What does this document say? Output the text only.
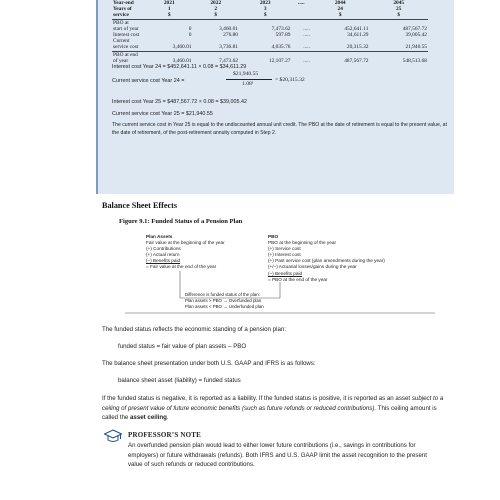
Year-end	2021	2022	2023	.....	2044	2045
Years of	1	2	3		24	25
service	$	$	$		$	$
PBO at						
start of year	0	3,460.01	7,473.62	.....	452,641.11	487,567.72
Interest cost	0	276.80	597.89	.....	34,611.29	39,005.42
Current						
service cost	3,460.01	3,736.81	4,035.76	.....	20,315.32	21,940.55
PBO at end						
of year	3,460.01	7,473.62	12,107.27	.....	487,567.72	548,513.68
Interest cost Year 24 = $452,641.11 × 0.08 = $34,611.29
Current service cost Year 24 =
$21,940.55
1.08¹
= $20,315.32
Interest cost Year 25 = $487,567.72 × 0.08 = $39,005.42
Current service cost Year 25 = $21,940.55
The current service cost in Year 25 is equal to the undiscounted annual unit credit. The PBO at the date of retirement is equal to the present value, at the date of retirement, of the post-retirement annuity computed in Step 2.
Balance Sheet Effects
Figure 9.1: Funded Status of a Pension Plan
Plan Assets
Fair value at the beginning of the year
(+) Contributions
(+) Actual return
(–) Benefits paid
= Fair value at the end of the year
PBO
PBO at the beginning of the year
(+) Service cost
(+) Interest cost
(+) Past service cost (plan amendments during the year)
(+/–) Actuarial losses/gains during the year
(–) Benefits paid
= PBO at the end of the year
Difference is funded status of the plan:
Plan assets > PBO → Overfunded plan
Plan assets < PBO → Underfunded plan
The funded status reflects the economic standing of a pension plan:
funded status = fair value of plan assets – PBO
The balance sheet presentation under both U.S. GAAP and IFRS is as follows:
balance sheet asset (liability) = funded status
If the funded status is negative, it is reported as a liability. If the funded status is positive, it is reported as an asset subject to a ceiling of present value of future economic benefits (such as future refunds or reduced contributions). This ceiling amount is called the asset ceiling.
PROFESSOR’S NOTE
An overfunded pension plan would lead to either lower future contributions (i.e., savings in contributions for employers) or future withdrawals (refunds). Both IFRS and U.S. GAAP limit the asset recognition to the present value of such refunds or reduced contributions.
